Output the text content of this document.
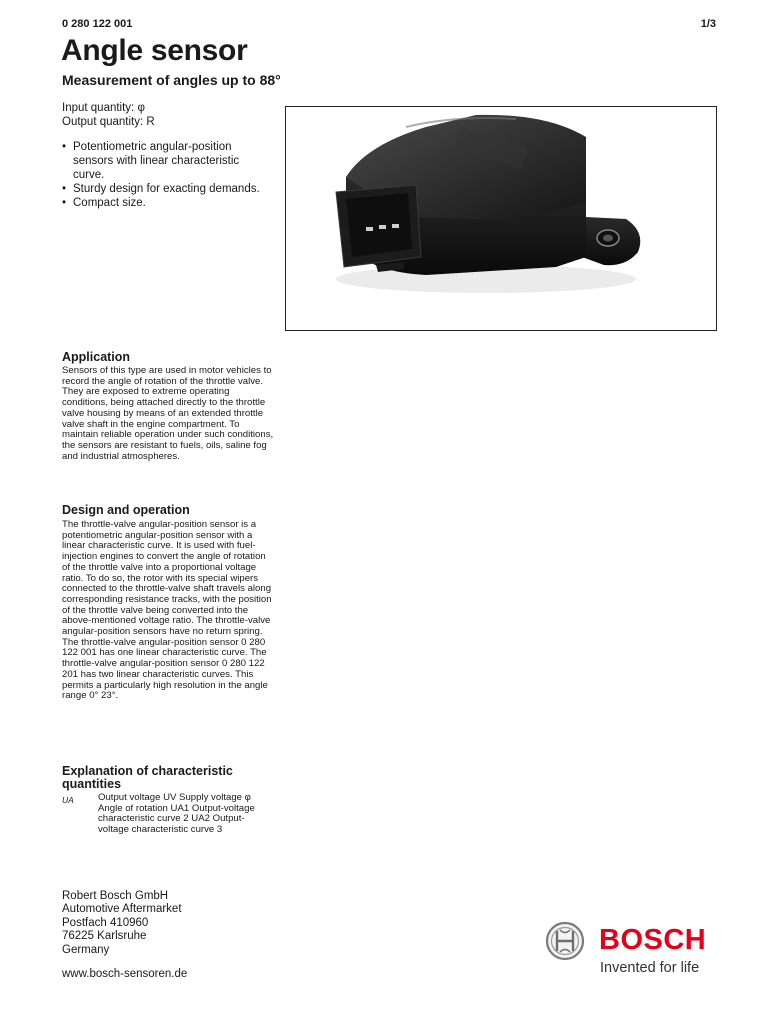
0 280 122 001	1/3
Angle sensor
Measurement of angles up to 88°
Input quantity: φ
Output quantity: R
• Potentiometric angular-position sensors with linear characteristic curve.
• Sturdy design for exacting demands.
• Compact size.
Application
Sensors of this type are used in motor vehicles to record the angle of rotation of the throttle valve. They are exposed to extreme operating conditions, being attached directly to the throttle valve housing by means of an extended throttle valve shaft in the engine compartment. To maintain reliable operation under such conditions, the sensors are resistant to fuels, oils, saline fog and industrial atmospheres.
Design and operation
The throttle-valve angular-position sensor is a potentiometric angular-position sensor with a linear characteristic curve. It is used with fuel-injection engines to convert the angle of rotation of the throttle valve into a proportional voltage ratio. To do so, the rotor with its special wipers connected to the throttle-valve shaft travels along corresponding resistance tracks, with the position of the throttle valve being converted into the above-mentioned voltage ratio. The throttle-valve angular-position sensors have no return spring. The throttle-valve angular-position sensor 0 280 122 001 has one linear characteristic curve. The throttle-valve angular-position sensor 0 280 122 201 has two linear characteristic curves. This permits a particularly high resolution in the angle range 0° 23°.
Explanation of characteristic quantities
UA	Output voltage UV Supply voltage φ Angle of rotation UA1 Output-voltage characteristic curve 2 UA2 Output-voltage characteristic curve 3
Robert Bosch GmbH
Automotive Aftermarket
Postfach 410960
76225 Karlsruhe
Germany
www.bosch-sensoren.de
BOSCH
Invented for life
